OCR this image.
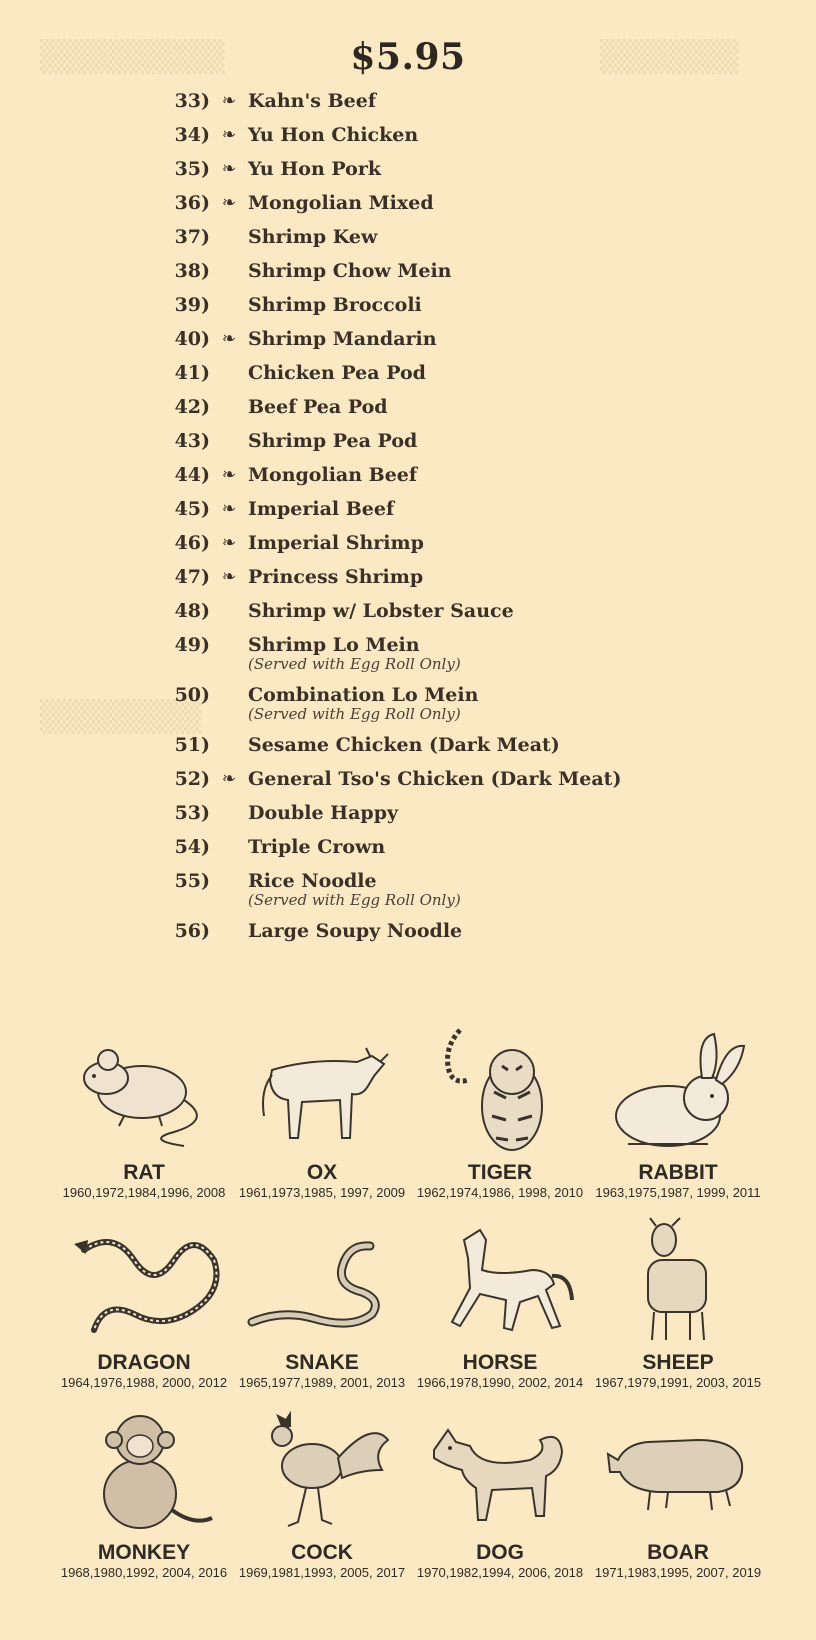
▒▒▒▒▒▒▒▒	▒▒▒▒▒▒
▒▒▒▒▒▒▒
$5.95
33) ❧ Kahn's Beef
34) ❧ Yu Hon Chicken
35) ❧ Yu Hon Pork
36) ❧ Mongolian Mixed
37) Shrimp Kew
38) Shrimp Chow Mein
39) Shrimp Broccoli
40) ❧ Shrimp Mandarin
41) Chicken Pea Pod
42) Beef Pea Pod
43) Shrimp Pea Pod
44) ❧ Mongolian Beef
45) ❧ Imperial Beef
46) ❧ Imperial Shrimp
47) ❧ Princess Shrimp
48) Shrimp w/ Lobster Sauce
49) Shrimp Lo Mein
(Served with Egg Roll Only)
50) Combination Lo Mein
(Served with Egg Roll Only)
51) Sesame Chicken (Dark Meat)
52) ❧ General Tso's Chicken (Dark Meat)
53) Double Happy
54) Triple Crown
55) Rice Noodle
(Served with Egg Roll Only)
56) Large Soupy Noodle
RAT
1960,1972,1984,1996, 2008
OX
1961,1973,1985, 1997, 2009
TIGER
1962,1974,1986, 1998, 2010
RABBIT
1963,1975,1987, 1999, 2011
DRAGON
1964,1976,1988, 2000, 2012
SNAKE
1965,1977,1989, 2001, 2013
HORSE
1966,1978,1990, 2002, 2014
SHEEP
1967,1979,1991, 2003, 2015
MONKEY
1968,1980,1992, 2004, 2016
COCK
1969,1981,1993, 2005, 2017
DOG
1970,1982,1994, 2006, 2018
BOAR
1971,1983,1995, 2007, 2019
